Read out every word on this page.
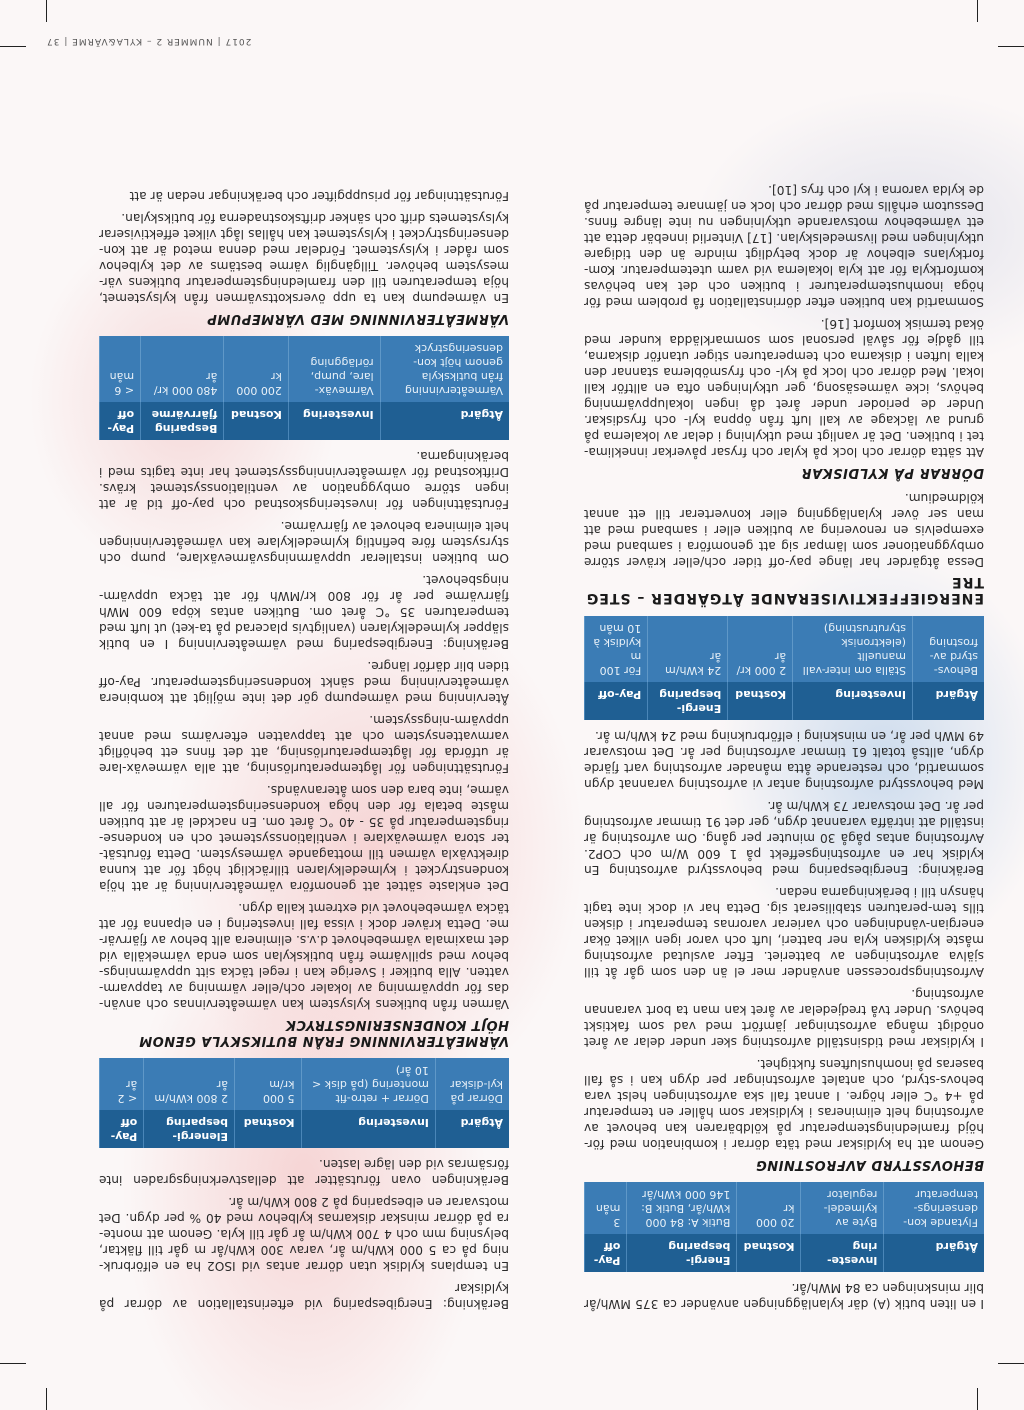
I en liten butik (A) där kylanläggningen använder ca 375 MWh/år blir minskningen ca 84 MWh/år.

Åtgärd	Investe-ring	Kostnad	Energi-besparing	Pay-off
Flytande kon-denserings-temperatur	Byte av kylmedel-regulator	20 000 kr	Butik A: 84 000 kWh/år, Butik B: 146 000 kWh/år	3 mån
BEHOVSSTYRD AVFROSTNING

Genom att ha kyldiskar med täta dörrar i kombination med för-höjd framledningstemperatur på köldbäraren kan behovet av avfrostning helt elimineras i kyldiskar som håller en temperatur på +4 °C eller högre. I annat fall ska avfrostningen helst vara behovs-styrd, och antalet avfrostningar per dygn kan i så fall baseras på inomhusluftens fuktighet.

I kyldiskar med tidsinställd avfrostning sker under delar av året onödigt många avfrostningar jämfört med vad som faktiskt behövs. Under två tredjedelar av året kan man ta bort varannan avfrostning.

Avfrostningsprocessen använder mer el än den som går åt till själva avfrostningen av batteriet. Efter avslutad avfrostning måste kyldisken kyla ner batteri, luft och varor igen vilket ökar energian-vändningen och varierar varornas temperatur i disken tills tem-peraturen stabiliserat sig. Detta har vi dock inte tagit hänsyn till i beräkningarna nedan.

Beräkning: Energibesparing med behovsstyrd avfrostning En kyldisk har en avfrostningseffekt på 1 600 W/m och COP2. Avfrostning antas pågå 30 minuter per gång. Om avfrostning är inställd att inträffa varannat dygn, ger det 91 timmar avfrostning per år. Det motsvarar 73 kWh/m år.

Med behovsstyrd avfrostning antar vi avfrostning varannat dygn sommartid, och resterande åtta månader avfrostning vart fjärde dygn, alltså totalt 61 timmar avfrostning per år. Det motsvarar 49 MWh per år, en minskning i elförbrukning med 24 kWh/m år.

Åtgärd	Investering	Kostnad	Energi-besparing	Pay-off
Behovs-styrd av-frostning	Ställa om inter-vall manuellt (elektronisk styrutrustning)	2 000 kr/år	24 kWh/m år	För 100 m kyldisk à 10 mån
ENERGIEFFEKTIVISERANDE ÅTGÄRDER – STEG TRE

Dessa åtgärder har länge pay-off tider och/eller kräver större ombyggnationer som lämpar sig att genomföra i samband med exempelvis en renovering av butiken eller i samband med att man ser över kylanläggning eller konverterar till ett annat köldmedium.

DÖRRAR PÅ KYLDISKAR

Att sätta dörrar och lock på kylar och frysar påverkar inneklima-tet i butiken. Det är vanligt med utkylning i delar av lokalerna på grund av läckage av kall luft från öppna kyl- och frysdiskar. Under de perioder under året då ingen lokaluppvärmning behövs, icke värmesäsong, ger utkylningen ofta en alltför kall lokal. Med dörrar och lock på kyl- och frysmöblerna stannar den kalla luften i diskarna och temperaturen stiger utanför diskarna, till gådje för såväl personal som sommarklädda kunder med ökad termisk komfort [16].

Sommartid kan butiken efter dörrinstallation få problem med för höga inomhustemperaturer i butiken och det kan behövas komfortkyla för att kyla lokalerna vid varm utetemperatur. Kom-fortkylans elbehov är dock betydligt mindre än den tidigare utkylningen med livsmedelskylan. [17] Vinterlid innebär detta att ett värmebehov motsvarande utkylningen nu inte längre finns. Dessutom erhålls med dörrar och lock en jämnare temperatur på de kylda varorna i kyl och frys [10].

Beräkning: Energibesparing vid efterinstallation av dörrar på kyldiskar

En templans kyldisk utan dörrar antas vid ISO2 ha en elförbruk-ning på ca 5 000 kWh/m år, varav 300 kWh/år m går till fläktar, belysning mm och 4 700 kWh/m år går till kyla. Genom att monte-ra på dörrar minskar diskarnas kylbehov med 40 % per dygn. Det motsvarar en elbesparing på 2 800 kWh/m år.

Beräkningen ovan förutsätter att dellastverkningsgraden inte försämras vid den lägre lasten.

Åtgärd	Investering	Kostnad	Elenergi-besparing	Pay-off
Dörrar på kyl-diskar	Dörrar + retro-fit montering (på disk < 10 år)	5 000 kr/m	2 800 kWh/m år	< 2 år
VÄRMEÅTERVINNING FRÅN BUTIKSKYLA GENOM HÖJT KONDENSERINGSTRYCK

Värmen från butikens kylsystem kan värmeåtervinnas och använ-das för uppvärmning av lokaler och/eller värmning av tappvarm-vatten. Alla butiker i Sverige kan i regel täcka sitt uppvärmnings-behov med spillvärme från butikskylan som enda värmekälla vid det maximala värmebehovet d.v.s. eliminera allt behov av fjärrvär-me. Detta kräver dock i vissa fall investering i en elpanna för att täcka värmebehovet vid extremt kalla dygn.

Det enklaste sättet att genomföra värmeåtervinning är att höja kondenstrycket i kylmedelkylaren tillräckligt högt för att kunna direktväxla värmen till mottagande värmesystem. Detta förutsät-ter stora värmeväxlare i ventilationssystemet och en kondense-ringstemperatur på 35 - 40 °C året om. En nackdel är att butiken måste betala för den höga kondenseringstemperaturen för all värme, inte bara den som återanvänds.

Förutsättningen för lågtemperaturlösning, att alla värmeväx-lare är utförda för lågtemperaturlösning, att det finns ett behöfligt varmvattensystem och att tappvatten eftervärms med annat uppvärm-ningssystem.

Återvinning med värmepump gör det inte möjligt att kombinera värmeåtervinning med sänkt kondenseringstemperatur. Pay-off tiden blir därför längre.

Beräkning: Energibesparing med värmeåtervinning I en butik släpper kylmedelkylaren (vanligtvis placerad på ta-ket) ut luft med temperaturen 35 °C året om. Butiken antas köpa 600 MWh fjärrvärme per år för 800 kr/MWh för att täcka uppvärm-ningsbehovet.

Om butiken installerar uppvärmningsvärmeväxlare, pump och styrsystem före befintlig kylmedelkylare kan värmeåtervinningen helt eliminera behovet av fjärrvärme.

Förutsättningen för investeringskostnad och pay-off tid är att ingen större ombyggnation av ventilationssystemet krävs. Driftkostnad för värmeåtervinningssystemet har inte tagits med i beräkningarna.

Åtgärd	Investering	Kostnad	Besparing fjärrvärme	Pay-off
Värmeåtervinning från butikskyla genom höjt kon-denseringstryck	Värmeväx-lare, pump, rörläggning	200 000 kr	480 000 kr/år	< 6 mån
VÄRMEÅTERVINNING MED VÄRMEPUMP

En värmepump kan ta upp överskottsvärmen från kylsystemet, höja temperaturen till den framledningstemperatur butikens vär-mesystem behöver. Tillgänglig värme bestäms av det kylbehov som råder i kylsystemet. Fördelar med denna metod är att kon-denseringstrycket i kylsystemet kan hållas lågt vilket effektiviserar kylsystemets drift och sänker driftskostnaderna för butikskylan.

Förutsättningar för prisuppgifter och beräkningar nedan är att

2017 | NUMMER 2 – KYLA&VÄRME | 37
